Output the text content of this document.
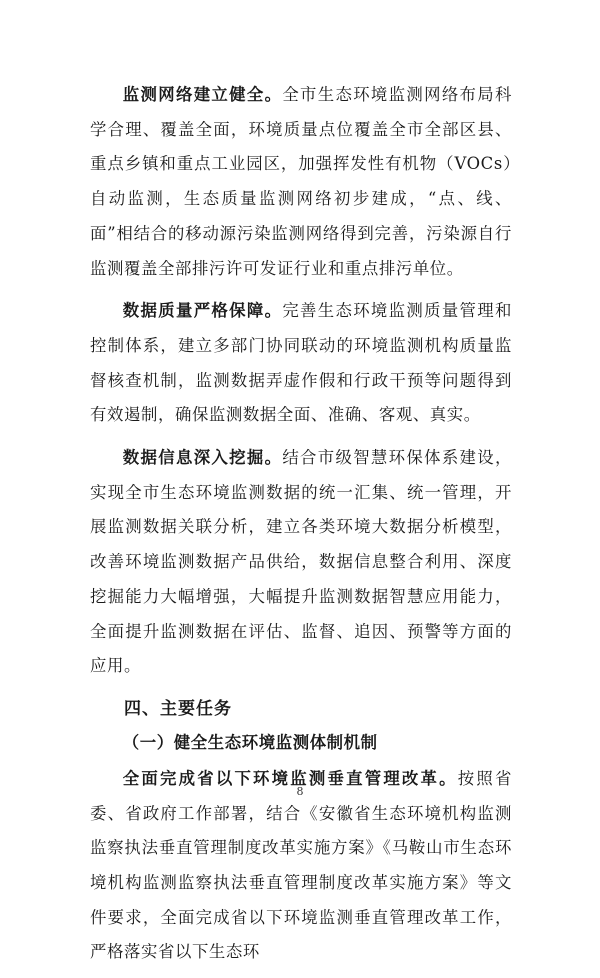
监测网络建立健全。全市生态环境监测网络布局科学合理、覆盖全面，环境质量点位覆盖全市全部区县、重点乡镇和重点工业园区，加强挥发性有机物（VOCs）自动监测，生态质量监测网络初步建成，“点、线、面”相结合的移动源污染监测网络得到完善，污染源自行监测覆盖全部排污许可发证行业和重点排污单位。

数据质量严格保障。完善生态环境监测质量管理和控制体系，建立多部门协同联动的环境监测机构质量监督核查机制，监测数据弄虚作假和行政干预等问题得到有效遏制，确保监测数据全面、准确、客观、真实。

数据信息深入挖掘。结合市级智慧环保体系建设，实现全市生态环境监测数据的统一汇集、统一管理，开展监测数据关联分析，建立各类环境大数据分析模型，改善环境监测数据产品供给，数据信息整合利用、深度挖掘能力大幅增强，大幅提升监测数据智慧应用能力，全面提升监测数据在评估、监督、追因、预警等方面的应用。

四、主要任务
（一）健全生态环境监测体制机制

全面完成省以下环境监测垂直管理改革。按照省委、省政府工作部署，结合《安徽省生态环境机构监测监察执法垂直管理制度改革实施方案》《马鞍山市生态环境机构监测监察执法垂直管理制度改革实施方案》等文件要求，全面完成省以下环境监测垂直管理改革工作，严格落实省以下生态环

8
